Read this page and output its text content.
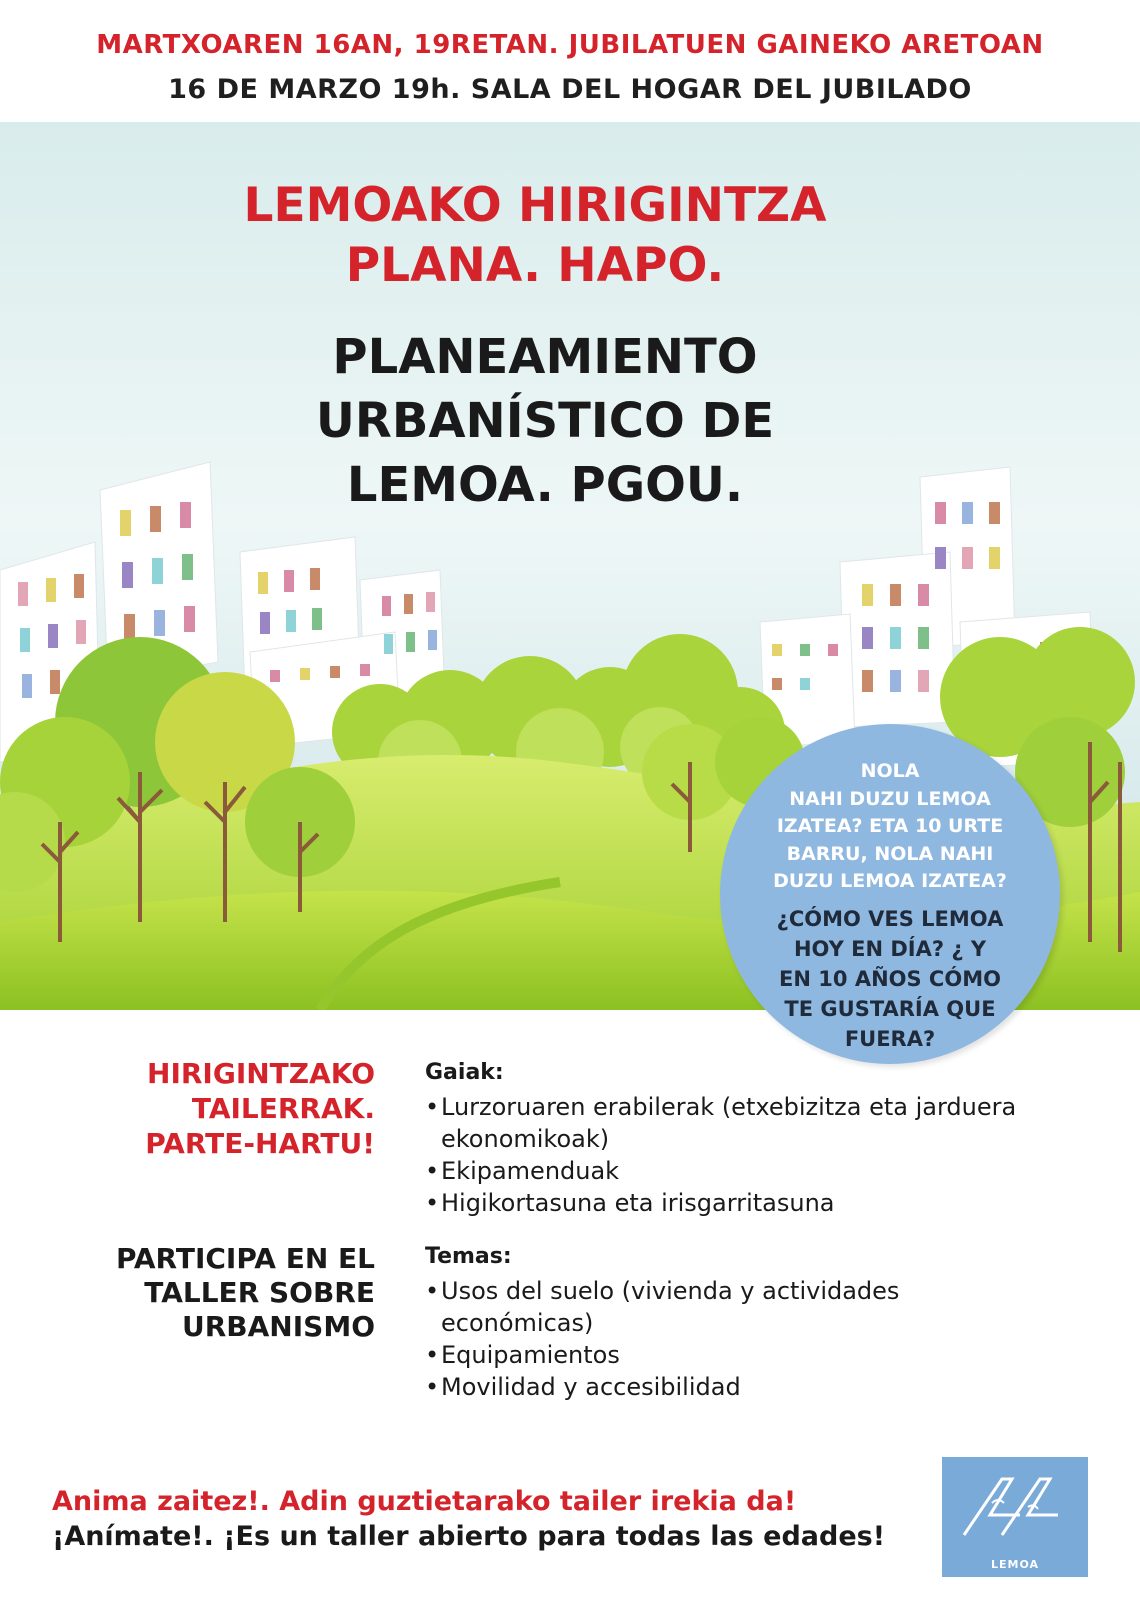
MARTXOAREN 16AN, 19RETAN. JUBILATUEN GAINEKO ARETOAN
16 DE MARZO 19h. SALA DEL HOGAR DEL JUBILADO
LEMOAKO HIRIGINTZA
PLANA. HAPO.
PLANEAMIENTO
URBANÍSTICO DE
LEMOA. PGOU.
NOLA
NAHI DUZU LEMOA
IZATEA? ETA 10 URTE
BARRU, NOLA NAHI
DUZU LEMOA IZATEA?
¿CÓMO VES LEMOA
HOY EN DÍA? ¿ Y
EN 10 AÑOS CÓMO
TE GUSTARÍA QUE
FUERA?
HIRIGINTZAKO
TAILERRAK.
PARTE-HARTU!
PARTICIPA EN EL
TALLER SOBRE
URBANISMO
Gaiak:
• Lurzoruaren erabilerak (etxebizitza eta jarduera ekonomikoak)
• Ekipamenduak
• Higikortasuna eta irisgarritasuna
Temas:
• Usos del suelo (vivienda y actividades económicas)
• Equipamientos
• Movilidad y accesibilidad
Anima zaitez!. Adin guztietarako tailer irekia da!
¡Anímate!. ¡Es un taller abierto para todas las edades!
LEMOA
